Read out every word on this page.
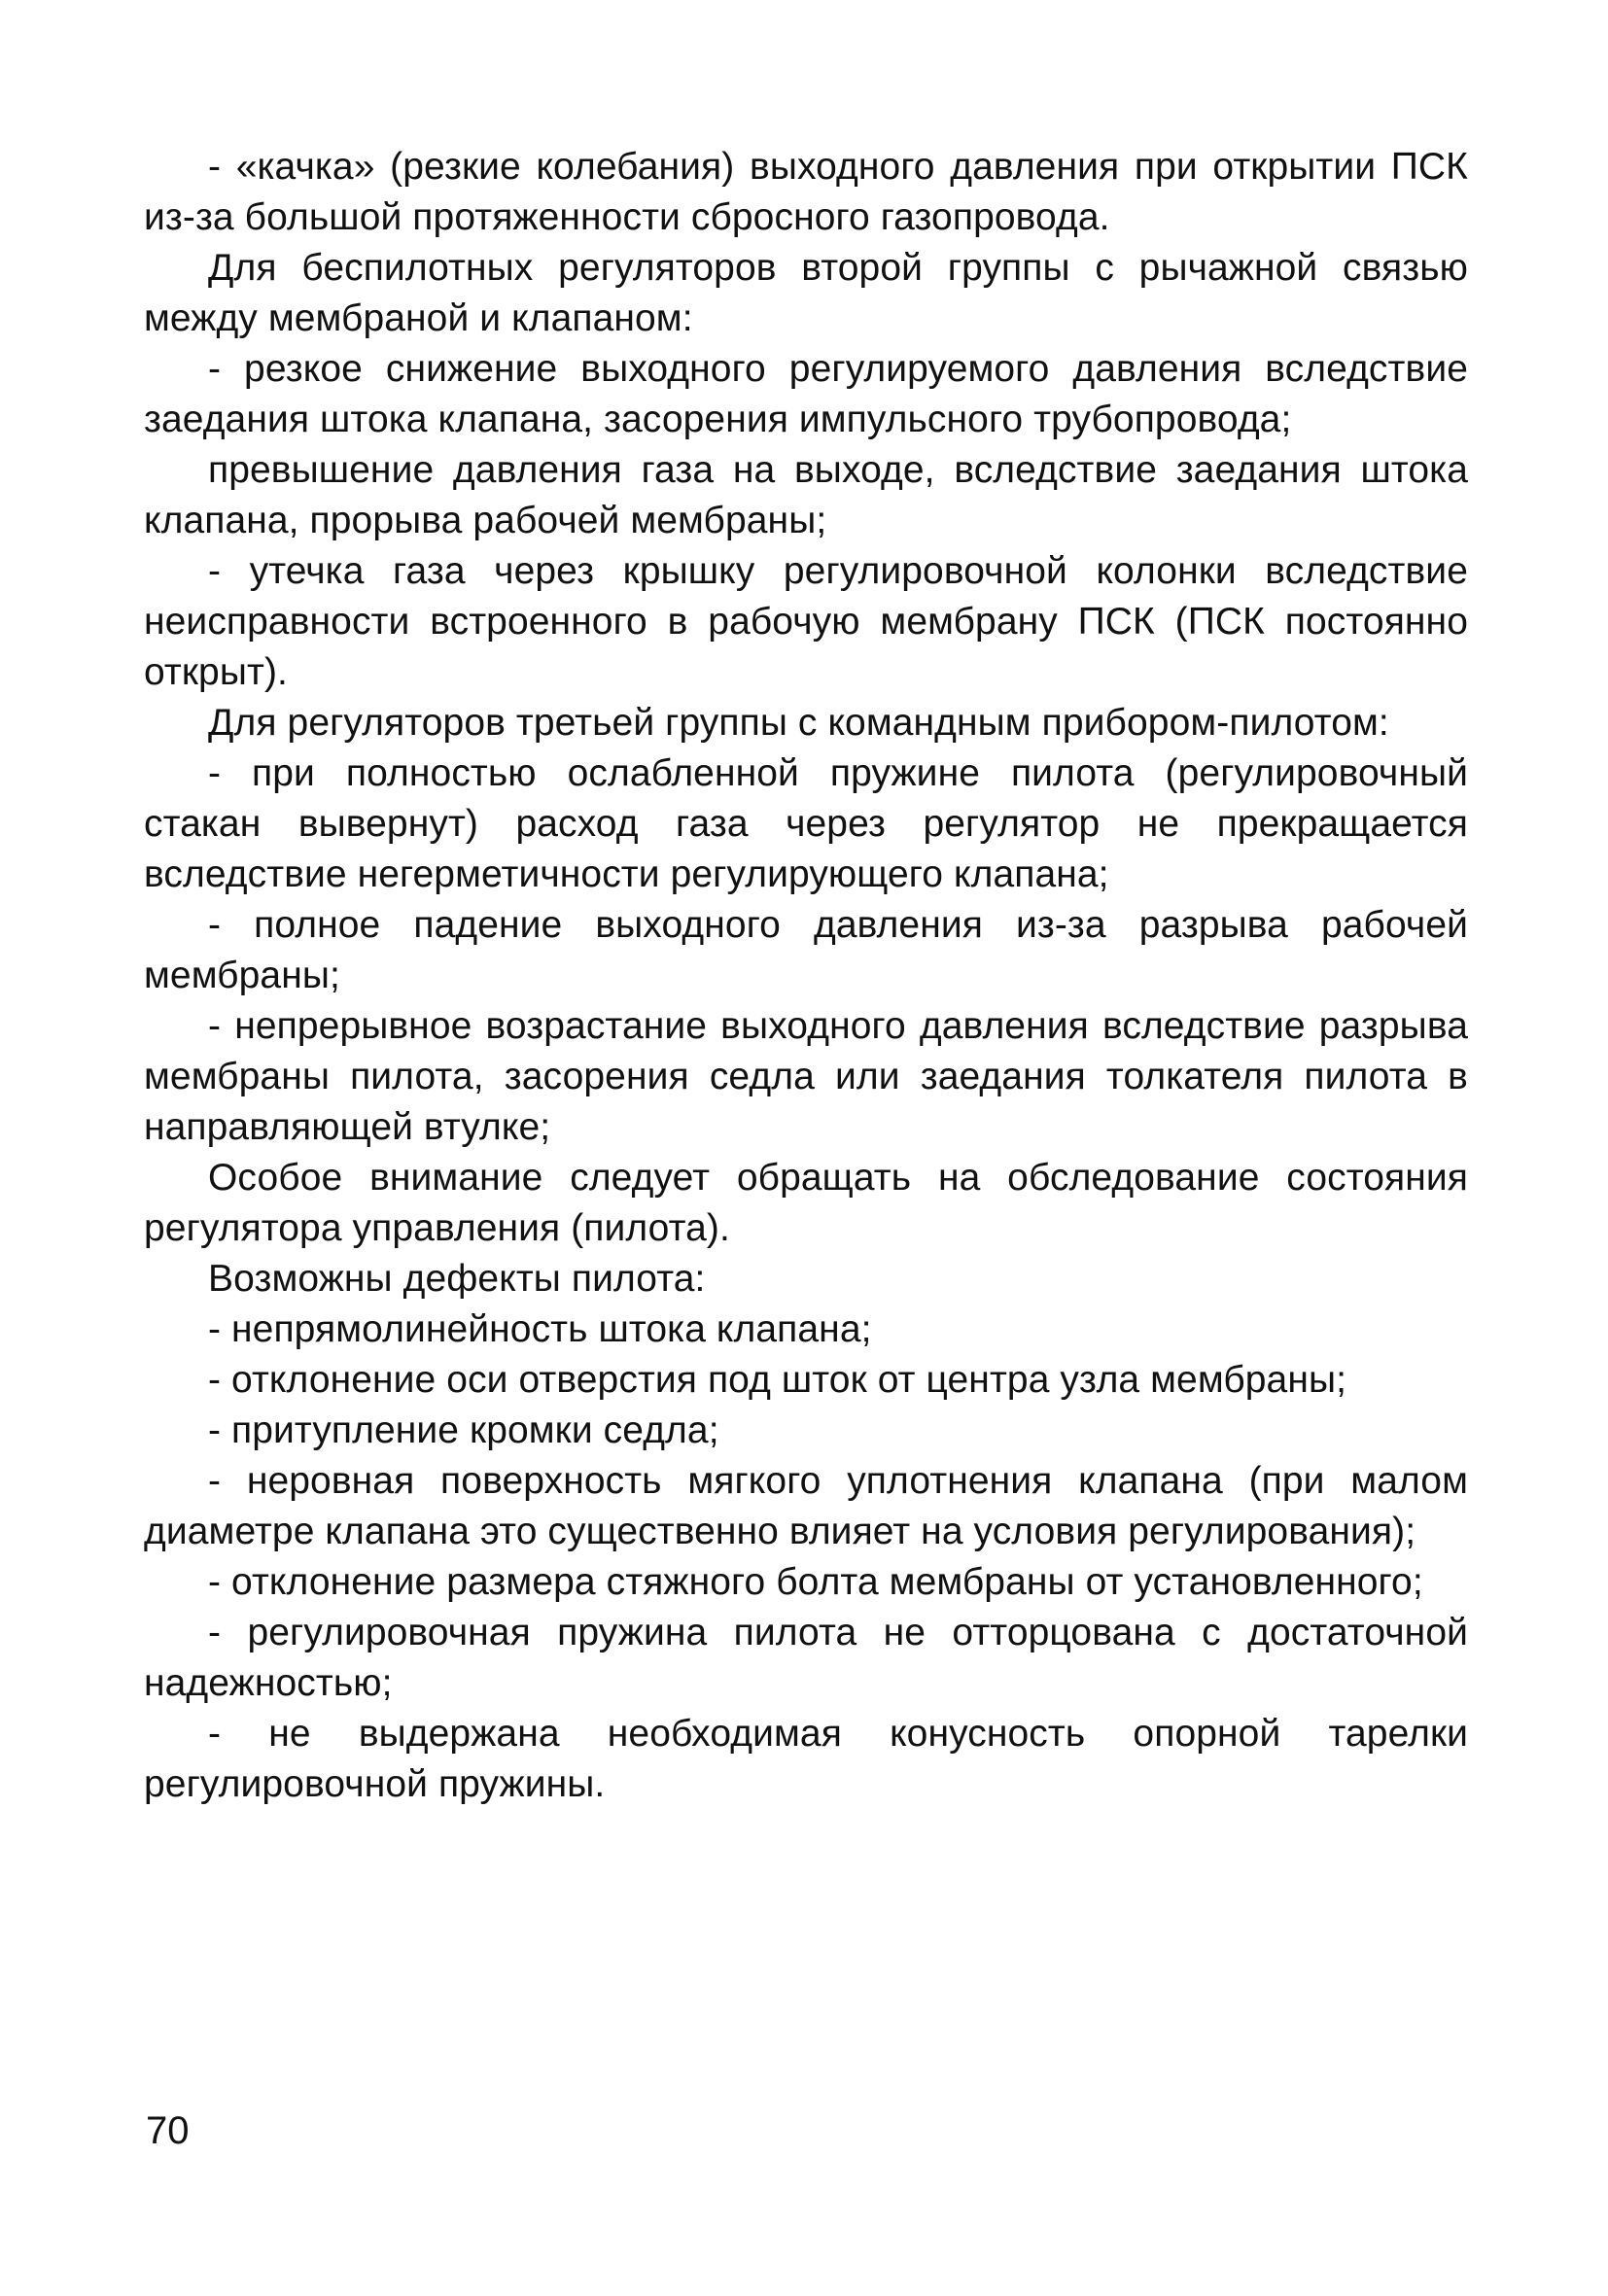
- «качка» (резкие колебания) выходного давления при открытии ПСК из-за большой протяженности сбросного газопровода.

Для беспилотных регуляторов второй группы с рычажной связью между мембраной и клапаном:

- резкое снижение выходного регулируемого давления вследствие заедания штока клапана, засорения импульсного трубопровода;

превышение давления газа на выходе, вследствие заедания штока клапана, прорыва рабочей мембраны;

- утечка газа через крышку регулировочной колонки вследствие неисправности встроенного в рабочую мембрану ПСК (ПСК постоянно открыт).

Для регуляторов третьей группы с командным прибором-пилотом:

- при полностью ослабленной пружине пилота (регулировочный стакан вывернут) расход газа через регулятор не прекращается вследствие негерметичности регулирующего клапана;

- полное падение выходного давления из-за разрыва рабочей мембраны;

- непрерывное возрастание выходного давления вследствие разрыва мембраны пилота, засорения седла или заедания толкателя пилота в направляющей втулке;

Особое внимание следует обращать на обследование состояния регулятора управления (пилота).

Возможны дефекты пилота:

- непрямолинейность штока клапана;

- отклонение оси отверстия под шток от центра узла мембраны;

- притупление кромки седла;

- неровная поверхность мягкого уплотнения клапана (при малом диаметре клапана это существенно влияет на условия регулирования);

- отклонение размера стяжного болта мембраны от установленного;

- регулировочная пружина пилота не отторцована с достаточной надежностью;

- не выдержана необходимая конусность опорной тарелки регулировочной пружины.

70
